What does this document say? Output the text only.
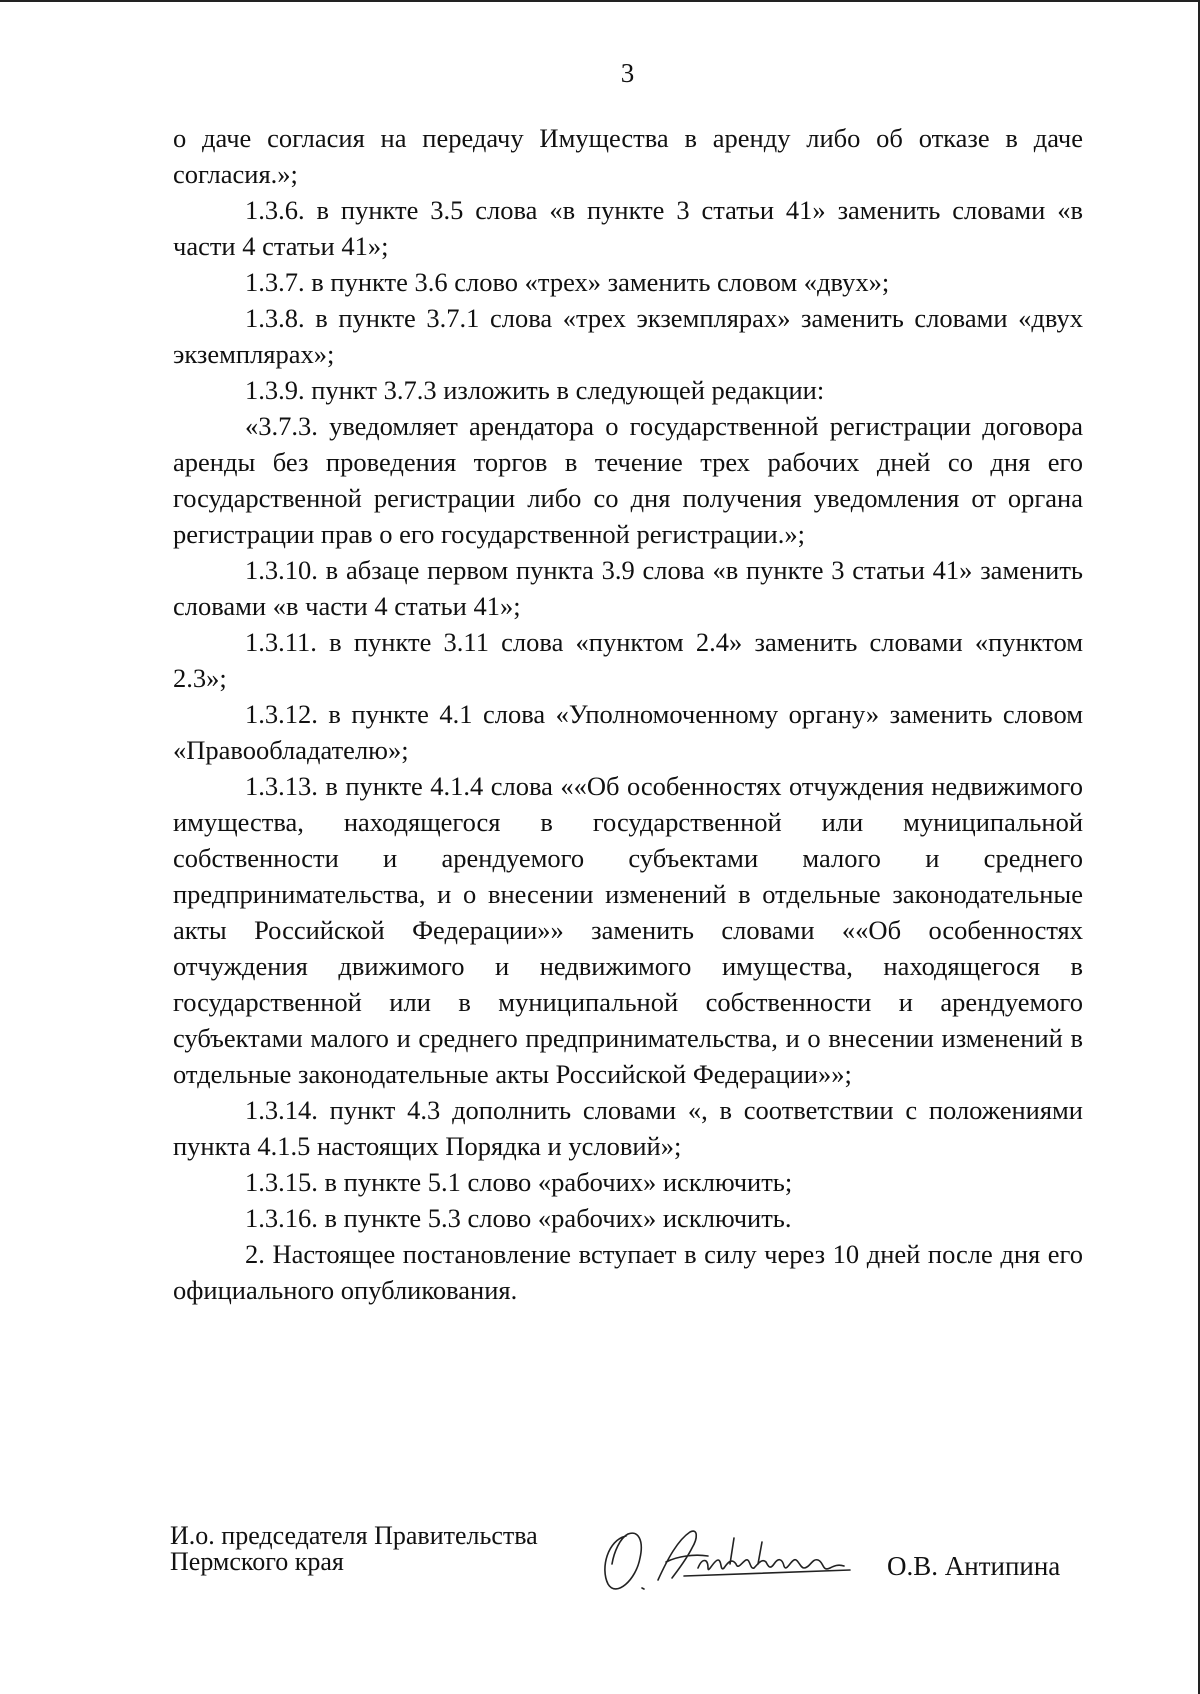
3

о даче согласия на передачу Имущества в аренду либо об отказе в даче согласия.»;

1.3.6. в пункте 3.5 слова «в пункте 3 статьи 41» заменить словами «в части 4 статьи 41»;

1.3.7. в пункте 3.6 слово «трех» заменить словом «двух»;

1.3.8. в пункте 3.7.1 слова «трех экземплярах» заменить словами «двух экземплярах»;

1.3.9. пункт 3.7.3 изложить в следующей редакции:

«3.7.3. уведомляет арендатора о государственной регистрации договора аренды без проведения торгов в течение трех рабочих дней со дня его государственной регистрации либо со дня получения уведомления от органа регистрации прав о его государственной регистрации.»;

1.3.10. в абзаце первом пункта 3.9 слова «в пункте 3 статьи 41» заменить словами «в части 4 статьи 41»;

1.3.11. в пункте 3.11 слова «пунктом 2.4» заменить словами «пунктом 2.3»;

1.3.12. в пункте 4.1 слова «Уполномоченному органу» заменить словом «Правообладателю»;

1.3.13. в пункте 4.1.4 слова ««Об особенностях отчуждения недвижимого имущества, находящегося в государственной или муниципальной собственности и арендуемого субъектами малого и среднего предпринимательства, и о внесении изменений в отдельные законодательные акты Российской Федерации»» заменить словами ««Об особенностях отчуждения движимого и недвижимого имущества, находящегося в государственной или в муниципальной собственности и арендуемого субъектами малого и среднего предпринимательства, и о внесении изменений в отдельные законодательные акты Российской Федерации»»;

1.3.14. пункт 4.3 дополнить словами «, в соответствии с положениями пункта 4.1.5 настоящих Порядка и условий»;

1.3.15. в пункте 5.1 слово «рабочих» исключить;

1.3.16. в пункте 5.3 слово «рабочих» исключить.

2. Настоящее постановление вступает в силу через 10 дней после дня его официального опубликования.

И.о. председателя Правительства
Пермского края	О.В. Антипина
